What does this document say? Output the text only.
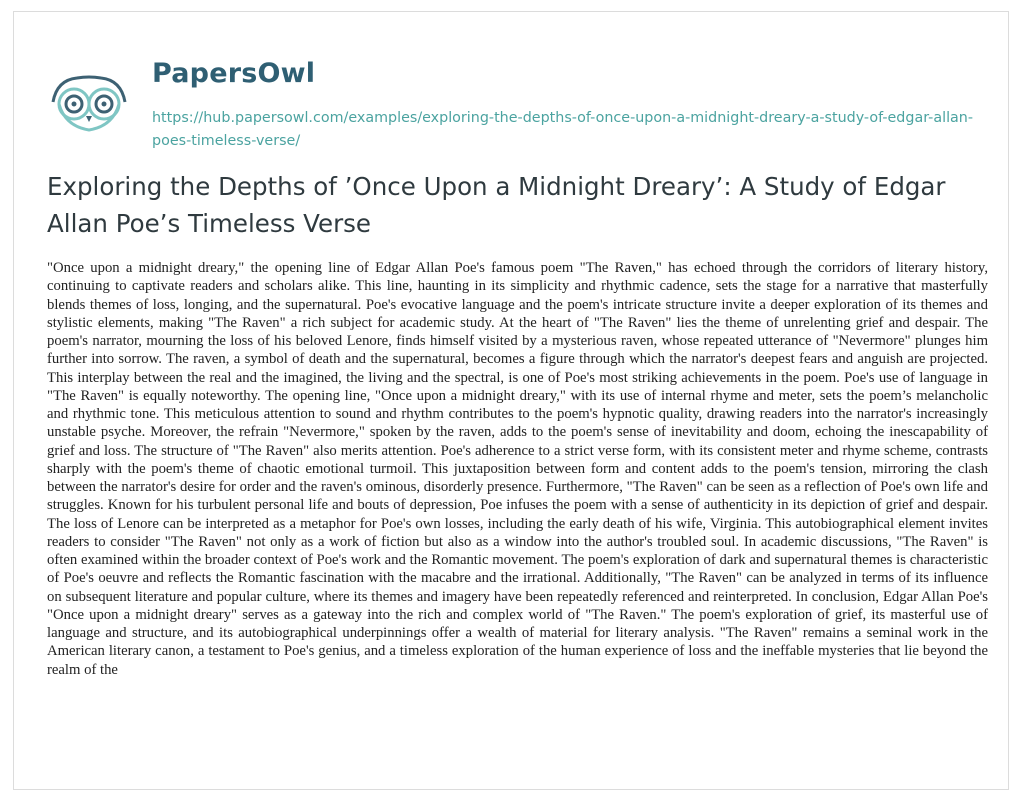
PapersOwl
https://hub.papersowl.com/examples/exploring-the-depths-of-once-upon-a-midnight-dreary-a-study-of-edgar-allan-poes-timeless-verse/
Exploring the Depths of ’Once Upon a Midnight Dreary’: A Study of Edgar Allan Poe’s Timeless Verse

"Once upon a midnight dreary," the opening line of Edgar Allan Poe's famous poem "The Raven," has echoed through the corridors of literary history, continuing to captivate readers and scholars alike. This line, haunting in its simplicity and rhythmic cadence, sets the stage for a narrative that masterfully blends themes of loss, longing, and the supernatural. Poe's evocative language and the poem's intricate structure invite a deeper exploration of its themes and stylistic elements, making "The Raven" a rich subject for academic study. At the heart of "The Raven" lies the theme of unrelenting grief and despair. The poem's narrator, mourning the loss of his beloved Lenore, finds himself visited by a mysterious raven, whose repeated utterance of "Nevermore" plunges him further into sorrow. The raven, a symbol of death and the supernatural, becomes a figure through which the narrator's deepest fears and anguish are projected. This interplay between the real and the imagined, the living and the spectral, is one of Poe's most striking achievements in the poem. Poe's use of language in "The Raven" is equally noteworthy. The opening line, "Once upon a midnight dreary," with its use of internal rhyme and meter, sets the poem’s melancholic and rhythmic tone. This meticulous attention to sound and rhythm contributes to the poem's hypnotic quality, drawing readers into the narrator's increasingly unstable psyche. Moreover, the refrain "Nevermore," spoken by the raven, adds to the poem's sense of inevitability and doom, echoing the inescapability of grief and loss. The structure of "The Raven" also merits attention. Poe's adherence to a strict verse form, with its consistent meter and rhyme scheme, contrasts sharply with the poem's theme of chaotic emotional turmoil. This juxtaposition between form and content adds to the poem's tension, mirroring the clash between the narrator's desire for order and the raven's ominous, disorderly presence. Furthermore, "The Raven" can be seen as a reflection of Poe's own life and struggles. Known for his turbulent personal life and bouts of depression, Poe infuses the poem with a sense of authenticity in its depiction of grief and despair. The loss of Lenore can be interpreted as a metaphor for Poe's own losses, including the early death of his wife, Virginia. This autobiographical element invites readers to consider "The Raven" not only as a work of fiction but also as a window into the author's troubled soul. In academic discussions, "The Raven" is often examined within the broader context of Poe's work and the Romantic movement. The poem's exploration of dark and supernatural themes is characteristic of Poe's oeuvre and reflects the Romantic fascination with the macabre and the irrational. Additionally, "The Raven" can be analyzed in terms of its influence on subsequent literature and popular culture, where its themes and imagery have been repeatedly referenced and reinterpreted. In conclusion, Edgar Allan Poe's "Once upon a midnight dreary" serves as a gateway into the rich and complex world of "The Raven." The poem's exploration of grief, its masterful use of language and structure, and its autobiographical underpinnings offer a wealth of material for literary analysis. "The Raven" remains a seminal work in the American literary canon, a testament to Poe's genius, and a timeless exploration of the human experience of loss and the ineffable mysteries that lie beyond the realm of the
